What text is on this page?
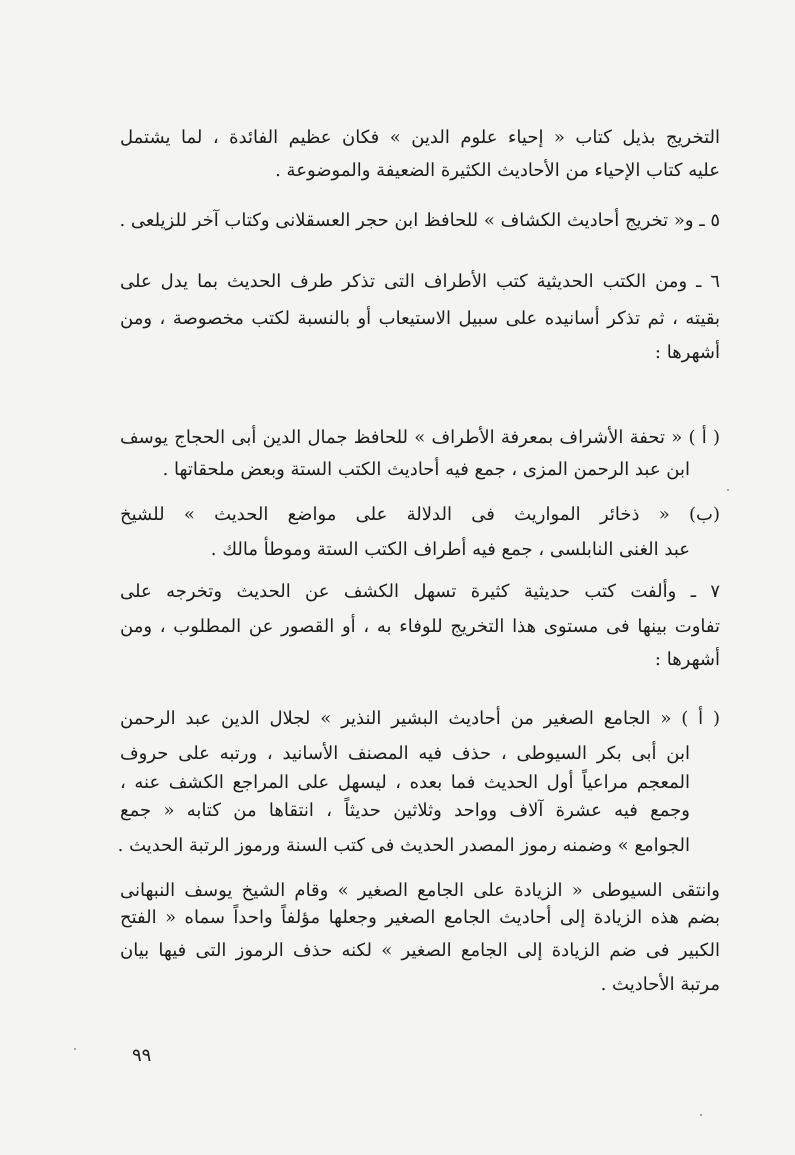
التخريج بذيل كتاب « إحياء علوم الدين » فكان عظيم الفائدة ، لما يشتمل
عليه كتاب الإحياء من الأحاديث الكثيرة الضعيفة والموضوعة .
٥ ـ و« تخريج أحاديث الكشاف » للحافظ ابن حجر العسقلانى وكتاب آخر للزيلعى .
٦ ـ ومن الكتب الحديثية كتب الأطراف التى تذكر طرف الحديث بما يدل على
بقيته ، ثم تذكر أسانيده على سبيل الاستيعاب أو بالنسبة لكتب مخصوصة ، ومن
أشهرها :
( أ ) « تحفة الأشراف بمعرفة الأطراف » للحافظ جمال الدين أبى الحجاج يوسف
ابن عبد الرحمن المزى ، جمع فيه أحاديث الكتب الستة وبعض ملحقاتها .
(ب) « ذخائر المواريث فى الدلالة على مواضع الحديث » للشيخ
عبد الغنى النابلسى ، جمع فيه أطراف الكتب الستة وموطأ مالك .
٧ ـ وألفت كتب حديثية كثيرة تسهل الكشف عن الحديث وتخرجه على
تفاوت بينها فى مستوى هذا التخريج للوفاء به ، أو القصور عن المطلوب ، ومن
أشهرها :
( أ ) « الجامع الصغير من أحاديث البشير النذير » لجلال الدين عبد الرحمن
ابن أبى بكر السيوطى ، حذف فيه المصنف الأسانيد ، ورتبه على حروف
المعجم مراعياً أول الحديث فما بعده ، ليسهل على المراجع الكشف عنه ،
وجمع فيه عشرة آلاف وواحد وثلاثين حديثاً ، انتقاها من كتابه « جمع
الجوامع » وضمنه رموز المصدر الحديث فى كتب السنة ورموز الرتبة الحديث .
وانتقى السيوطى « الزيادة على الجامع الصغير » وقام الشيخ يوسف النبهانى
بضم هذه الزيادة إلى أحاديث الجامع الصغير وجعلها مؤلفاً واحداً سماه « الفتح
الكبير فى ضم الزيادة إلى الجامع الصغير » لكنه حذف الرموز التى فيها بيان
مرتبة الأحاديث .
٩٩
